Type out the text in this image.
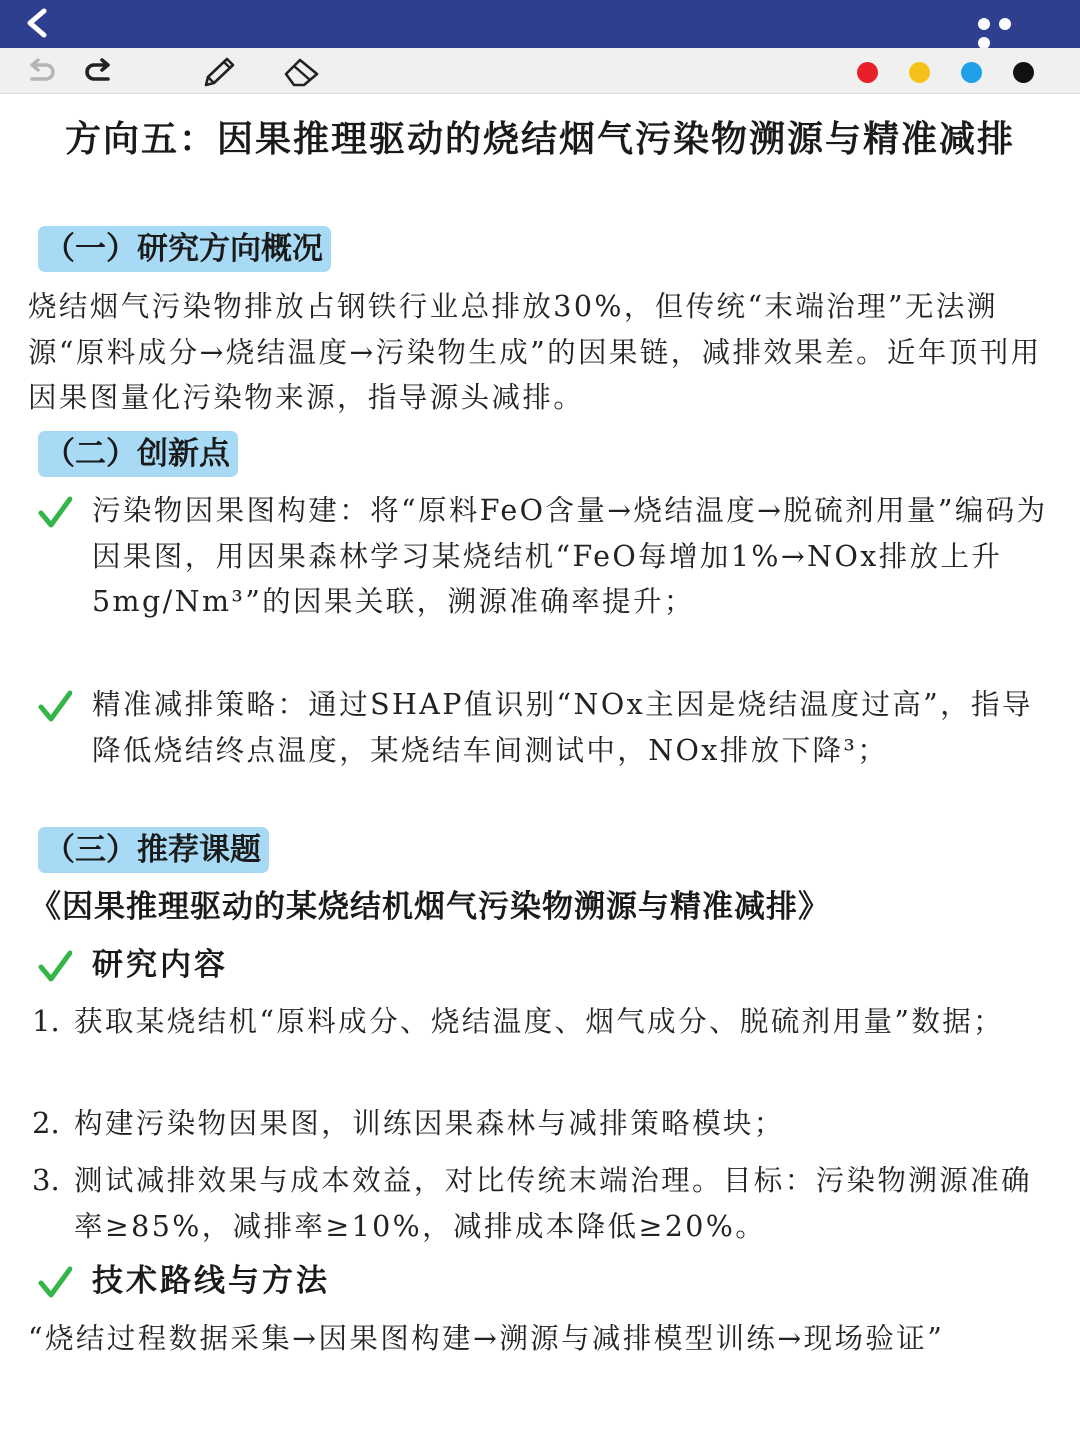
方向五：因果推理驱动的烧结烟气污染物溯源与精准减排
（一）研究方向概况
烧结烟气污染物排放占钢铁行业总排放30%，但传统“末端治理”无法溯源“原料成分→烧结温度→污染物生成”的因果链，减排效果差。近年顶刊用因果图量化污染物来源，指导源头减排。
（二）创新点
污染物因果图构建：将“原料FeO含量→烧结温度→脱硫剂用量”编码为因果图，用因果森林学习某烧结机“FeO每增加1%→NOx排放上升5mg/Nm³”的因果关联，溯源准确率提升；
精准减排策略：通过SHAP值识别“NOx主因是烧结温度过高”，指导降低烧结终点温度，某烧结车间测试中，NOx排放下降³；
（三）推荐课题
《因果推理驱动的某烧结机烟气污染物溯源与精准减排》
研究内容
1. 获取某烧结机“原料成分、烧结温度、烟气成分、脱硫剂用量”数据；
2. 构建污染物因果图，训练因果森林与减排策略模块；
3. 测试减排效果与成本效益，对比传统末端治理。目标：污染物溯源准确率≥85%，减排率≥10%，减排成本降低≥20%。
技术路线与方法
“烧结过程数据采集→因果图构建→溯源与减排模型训练→现场验证”
